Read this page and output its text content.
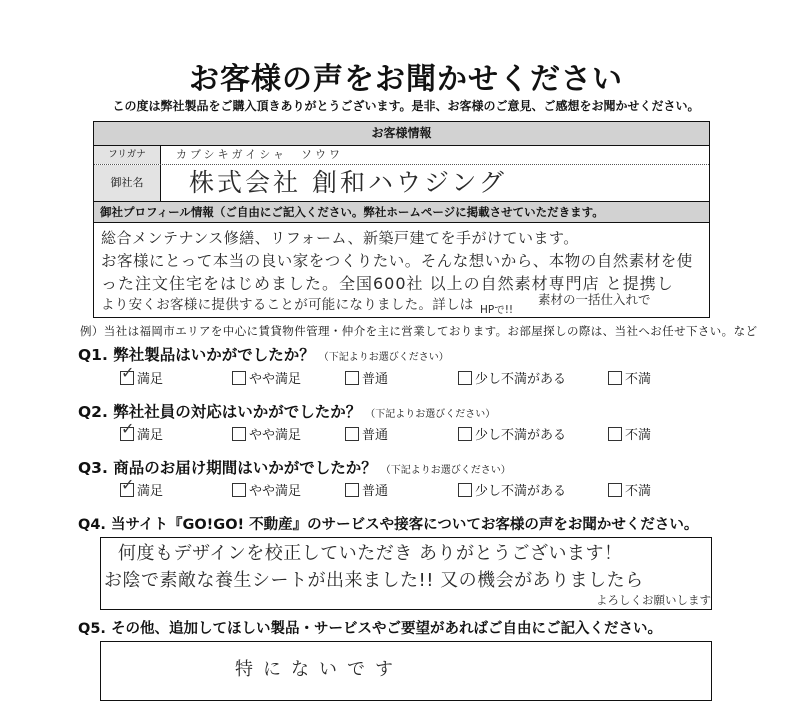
お客様の声をお聞かせください
この度は弊社製品をご購入頂きありがとうございます。是非、お客様のご意見、ご感想をお聞かせください。
お客様情報
フリガナ	カブシキガイシャ　ソウワ
御社名	株式会社 創和ハウジング
御社プロフィール情報（ご自由にご記入ください。弊社ホームページに掲載させていただきます。
総合メンテナンス修繕、リフォーム、新築戸建てを手がけています。
お客様にとって本当の良い家をつくりたい。そんな想いから、本物の自然素材を使
った注文住宅をはじめました。全国600社 以上の自然素材専門店 と提携し
より安くお客様に提供することが可能になりました。詳しは HPで!!
素材の一括仕入れで
例）当社は福岡市エリアを中心に賃貸物件管理・仲介を主に営業しております。お部屋探しの際は、当社へお任せ下さい。など
Q1. 弊社製品はいかがでしたか？ （下記よりお選びください）
✓満足	やや満足	普通	少し不満がある	不満
Q2. 弊社社員の対応はいかがでしたか？ （下記よりお選びください）
✓満足	やや満足	普通	少し不満がある	不満
Q3. 商品のお届け期間はいかがでしたか？ （下記よりお選びください）
✓満足	やや満足	普通	少し不満がある	不満
Q4. 当サイト『GO!GO! 不動産』のサービスや接客についてお客様の声をお聞かせください。
何度もデザインを校正していただき ありがとうございます！
お陰で素敵な養生シートが出来ました!! 又の機会がありましたら
よろしくお願いします
Q5. その他、追加してほしい製品・サービスやご要望があればご自由にご記入ください。
特にないです
